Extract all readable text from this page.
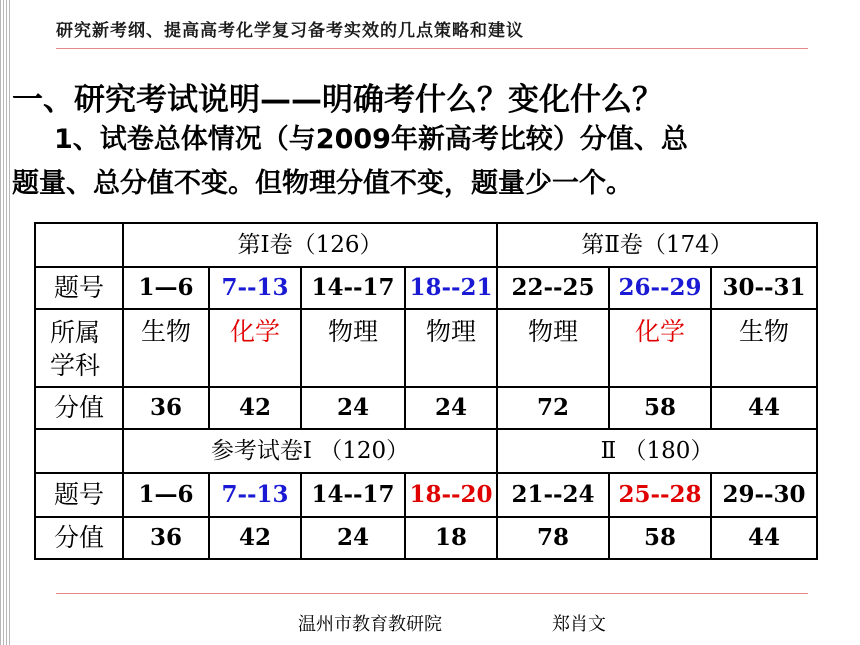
研究新考纲、提高高考化学复习备考实效的几点策略和建议
一、研究考试说明——明确考什么？变化什么？
1、试卷总体情况（与2009年新高考比较）分值、总
题量、总分值不变。但物理分值不变，题量少一个。
	第Ⅰ卷（126）				第Ⅱ卷（174）		
题号	1—6	7--13	14--17	18--21	22--25	26--29	30--31
所属学科	生物	化学	物理	物理	物理	化学	生物
分值	36	42	24	24	72	58	44
	参考试卷Ⅰ （120）				Ⅱ （180）		
题号	1—6	7--13	14--17	18--20	21--24	25--28	29--30
分值	36	42	24	18	78	58	44
温州市教育教研院	郑肖文
